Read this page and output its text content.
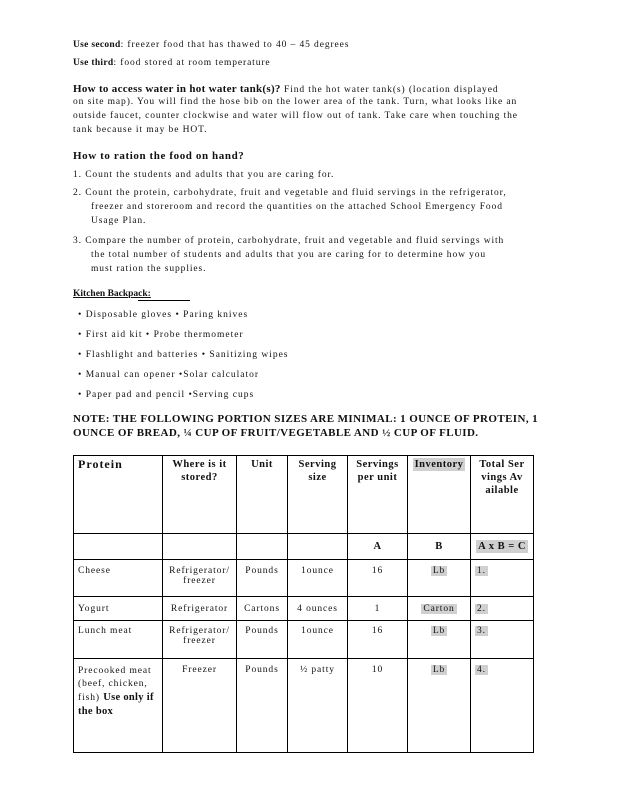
Use second: freezer food that has thawed to 40 – 45 degrees
Use third: food stored at room temperature
How to access water in hot water tank(s)? Find the hot water tank(s) (location displayed
on site map). You will find the hose bib on the lower area of the tank. Turn, what looks like an
outside faucet, counter clockwise and water will flow out of tank. Take care when touching the
tank because it may be HOT.
How to ration the food on hand?
1. Count the students and adults that you are caring for.
2. Count the protein, carbohydrate, fruit and vegetable and fluid servings in the refrigerator,
freezer and storeroom and record the quantities on the attached School Emergency Food
Usage Plan.
3. Compare the number of protein, carbohydrate, fruit and vegetable and fluid servings with
the total number of students and adults that you are caring for to determine how you
must ration the supplies.
Kitchen Backpack:
• Disposable gloves • Paring knives
• First aid kit • Probe thermometer
• Flashlight and batteries • Sanitizing wipes
• Manual can opener •Solar calculator
• Paper pad and pencil •Serving cups
NOTE: THE FOLLOWING PORTION SIZES ARE MINIMAL: 1 OUNCE OF PROTEIN, 1 OUNCE OF BREAD, ¼ CUP OF FRUIT/VEGETABLE AND ½ CUP OF FLUID.
Protein	Where is it stored?	Unit	Serving size	Servings per unit	Inventory	Total Servings Available
				A	B	A x B = C
Cheese	Refrigerator/ freezer	Pounds	1ounce	16	Lb	1.
Yogurt	Refrigerator	Cartons	4 ounces	1	Carton	2.
Lunch meat	Refrigerator/ freezer	Pounds	1ounce	16	Lb	3.
Precooked meat (beef, chicken, fish) Use only if the box	Freezer	Pounds	½ patty	10	Lb	4.
